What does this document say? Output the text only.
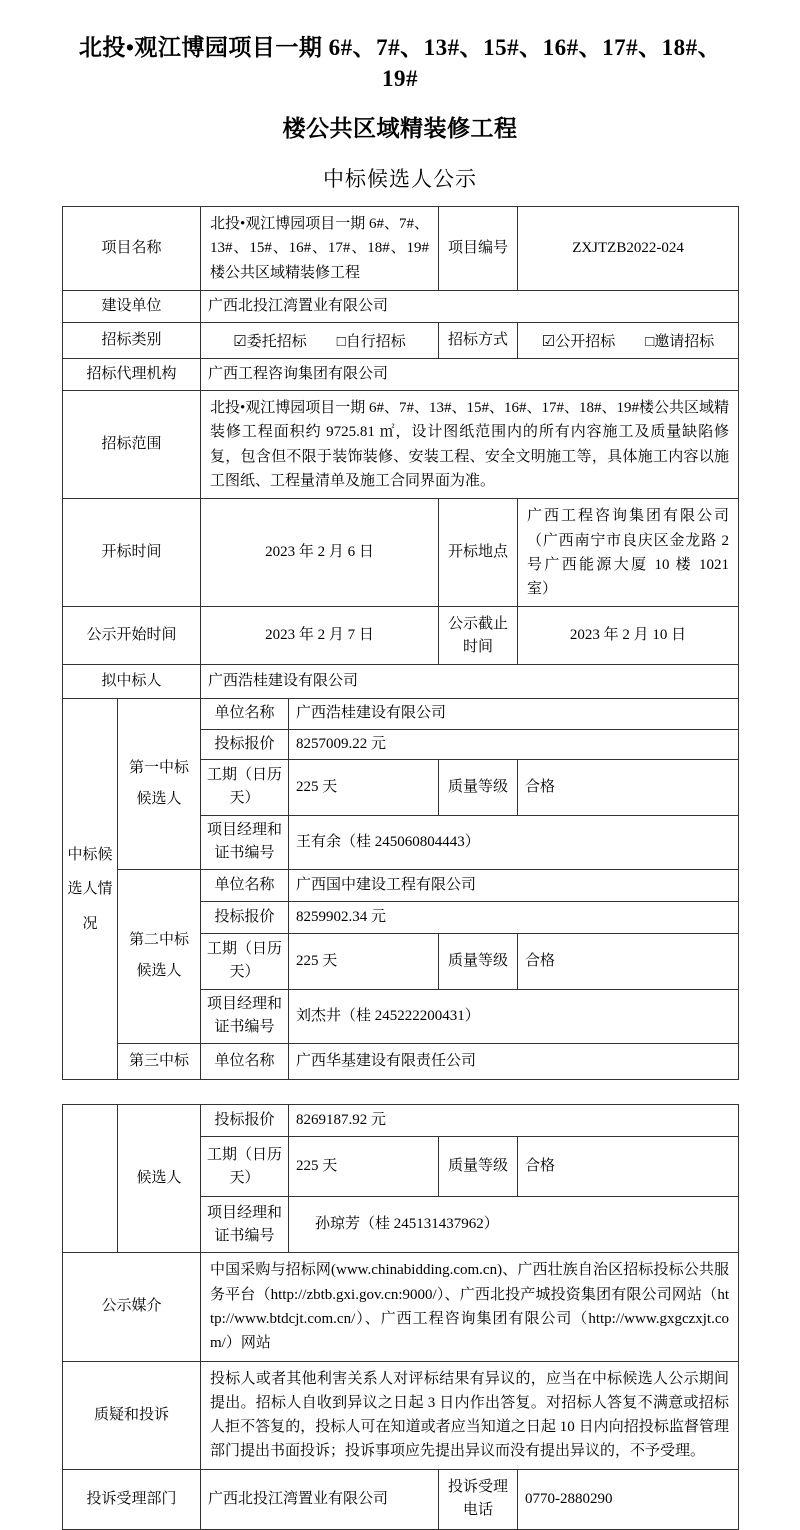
北投•观江博园项目一期 6#、7#、13#、15#、16#、17#、18#、19#
楼公共区域精装修工程
中标候选人公示
项目名称		北投•观江博园项目一期 6#、7#、13#、15#、16#、17#、18#、19#楼公共区域精装修工程		项目编号	ZXJTZB2022-024
建设单位		广西北投江湾置业有限公司			
招标类别		☑委托招标 □自行招标		招标方式	☑公开招标 □邀请招标
招标代理机构		广西工程咨询集团有限公司			
招标范围		北投•观江博园项目一期 6#、7#、13#、15#、16#、17#、18#、19#楼公共区域精装修工程面积约 9725.81 ㎡，设计图纸范围内的所有内容施工及质量缺陷修复，包含但不限于装饰装修、安装工程、安全文明施工等，具体施工内容以施工图纸、工程量清单及施工合同界面为准。			
开标时间		2023 年 2 月 6 日		开标地点	广西工程咨询集团有限公司（广西南宁市良庆区金龙路 2 号广西能源大厦 10 楼 1021 室）
公示开始时间		2023 年 2 月 7 日		公示截止时间	2023 年 2 月 10 日
拟中标人		广西浩桂建设有限公司			
中标候选人情况	第一中标候选人	单位名称	广西浩桂建设有限公司		
		投标报价	8257009.22 元		
		工期（日历天）	225 天	质量等级	合格
		项目经理和证书编号	王有余（桂 245060804443）		
	第二中标候选人	单位名称	广西国中建设工程有限公司		
		投标报价	8259902.34 元		
		工期（日历天）	225 天	质量等级	合格
		项目经理和证书编号	刘杰井（桂 245222200431）		
	第三中标	单位名称	广西华基建设有限责任公司		
	候选人	投标报价	8269187.92 元		
		工期（日历天）	225 天	质量等级	合格
		项目经理和证书编号	孙琼芳（桂 245131437962）		
公示媒介		中国采购与招标网(www.chinabidding.com.cn)、广西壮族自治区招标投标公共服务平台（http://zbtb.gxi.gov.cn:9000/）、广西北投产城投资集团有限公司网站（http://www.btdcjt.com.cn/）、广西工程咨询集团有限公司（http://www.gxgczxjt.com/）网站			
质疑和投诉		投标人或者其他利害关系人对评标结果有异议的，应当在中标候选人公示期间提出。招标人自收到异议之日起 3 日内作出答复。对招标人答复不满意或招标人拒不答复的，投标人可在知道或者应当知道之日起 10 日内向招投标监督管理部门提出书面投诉；投诉事项应先提出异议而没有提出异议的，不予受理。			
投诉受理部门		广西北投江湾置业有限公司		投诉受理电话	0770-2880290
